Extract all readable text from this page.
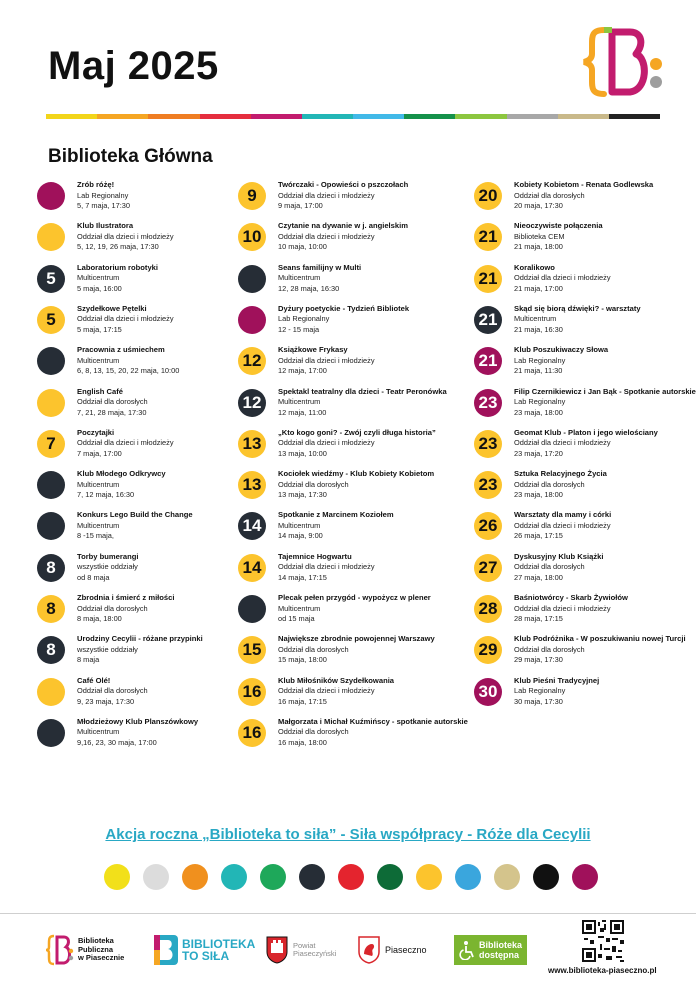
Maj 2025
Biblioteka Główna
Zrób różę!
Lab Regionalny
5, 7 maja, 17:30
Klub Ilustratora
Oddział dla dzieci i młodzieży
5, 12, 19, 26 maja, 17:30
5
Laboratorium robotyki
Multicentrum
5 maja, 16:00
5
Szydełkowe Pętelki
Oddział dla dzieci i młodzieży
5 maja, 17:15
Pracownia z uśmiechem
Multicentrum
6, 8, 13, 15, 20, 22 maja, 10:00
English Café
Oddział dla dorosłych
7, 21, 28 maja, 17:30
7
Poczytajki
Oddział dla dzieci i młodzieży
7 maja, 17:00
Klub Młodego Odkrywcy
Multicentrum
7, 12 maja, 16:30
Konkurs Lego Build the Change
Multicentrum
8 -15 maja,
8
Torby bumerangi
wszystkie oddziały
od 8 maja
8
Zbrodnia i śmierć z miłości
Oddział dla dorosłych
8 maja, 18:00
8
Urodziny Cecylii - różane przypinki
wszystkie oddziały
8 maja
Café Olé!
Oddział dla dorosłych
9, 23 maja, 17:30
Młodzieżowy Klub Planszówkowy
Multicentrum
9,16, 23, 30 maja, 17:00
9
Twórczaki - Opowieści o pszczołach
Oddział dla dzieci i młodzieży
9 maja, 17:00
10
Czytanie na dywanie w j. angielskim
Oddział dla dzieci i młodzieży
10 maja, 10:00
Seans familijny w Multi
Multicentrum
12, 28 maja, 16:30
Dyżury poetyckie - Tydzień Bibliotek
Lab Regionalny
12 - 15 maja
12
Książkowe Frykasy
Oddział dla dzieci i młodzieży
12 maja, 17:00
12
Spektakl teatralny dla dzieci - Teatr Peronówka
Multicentrum
12 maja, 11:00
13
„Kto kogo goni? - Zwój czyli długa historia”
Oddział dla dzieci i młodzieży
13 maja, 10:00
13
Kociołek wiedźmy - Klub Kobiety Kobietom
Oddział dla dorosłych
13 maja, 17:30
14
Spotkanie z Marcinem Koziołem
Multicentrum
14 maja, 9:00
14
Tajemnice Hogwartu
Oddział dla dzieci i młodzieży
14 maja, 17:15
Plecak pełen przygód - wypożycz w plener
Multicentrum
od 15 maja
15
Największe zbrodnie powojennej Warszawy
Oddział dla dorosłych
15 maja, 18:00
16
Klub Miłośników Szydełkowania
Oddział dla dzieci i młodzieży
16 maja, 17:15
16
Małgorzata i Michał Kuźmińscy - spotkanie autorskie
Oddział dla dorosłych
16 maja, 18:00
20
Kobiety Kobietom - Renata Godlewska
Oddział dla dorosłych
20 maja, 17:30
21
Nieoczywiste połączenia
Biblioteka CEM
21 maja, 18:00
21
Koralikowo
Oddział dla dzieci i młodzieży
21 maja, 17:00
21
Skąd się biorą dźwięki? - warsztaty
Multicentrum
21 maja, 16:30
21
Klub Poszukiwaczy Słowa
Lab Regionalny
21 maja, 11:30
23
Filip Czernikiewicz i Jan Bąk - Spotkanie autorskie
Lab Regionalny
23 maja, 18:00
23
Geomat Klub - Platon i jego wielościany
Oddział dla dzieci i młodzieży
23 maja, 17:20
23
Sztuka Relacyjnego Życia
Oddział dla dorosłych
23 maja, 18:00
26
Warsztaty dla mamy i córki
Oddział dla dzieci i młodzieży
26 maja, 17:15
27
Dyskusyjny Klub Książki
Oddział dla dorosłych
27 maja, 18:00
28
Baśniotwórcy - Skarb Żywiołów
Oddział dla dzieci i młodzieży
28 maja, 17:15
29
Klub Podróżnika - W poszukiwaniu nowej Turcji
Oddział dla dorosłych
29 maja, 17:30
30
Klub Pieśni Tradycyjnej
Lab Regionalny
30 maja, 17:30
Akcja roczna „Biblioteka to siła” - Siła współpracy - Róże dla Cecylii
Biblioteka
Publiczna
w Piasecznie
BIBLIOTEKA
TO SIŁA
Powiat
Piaseczyński	Piaseczno	Biblioteka
dostępna
www.biblioteka-piaseczno.pl
